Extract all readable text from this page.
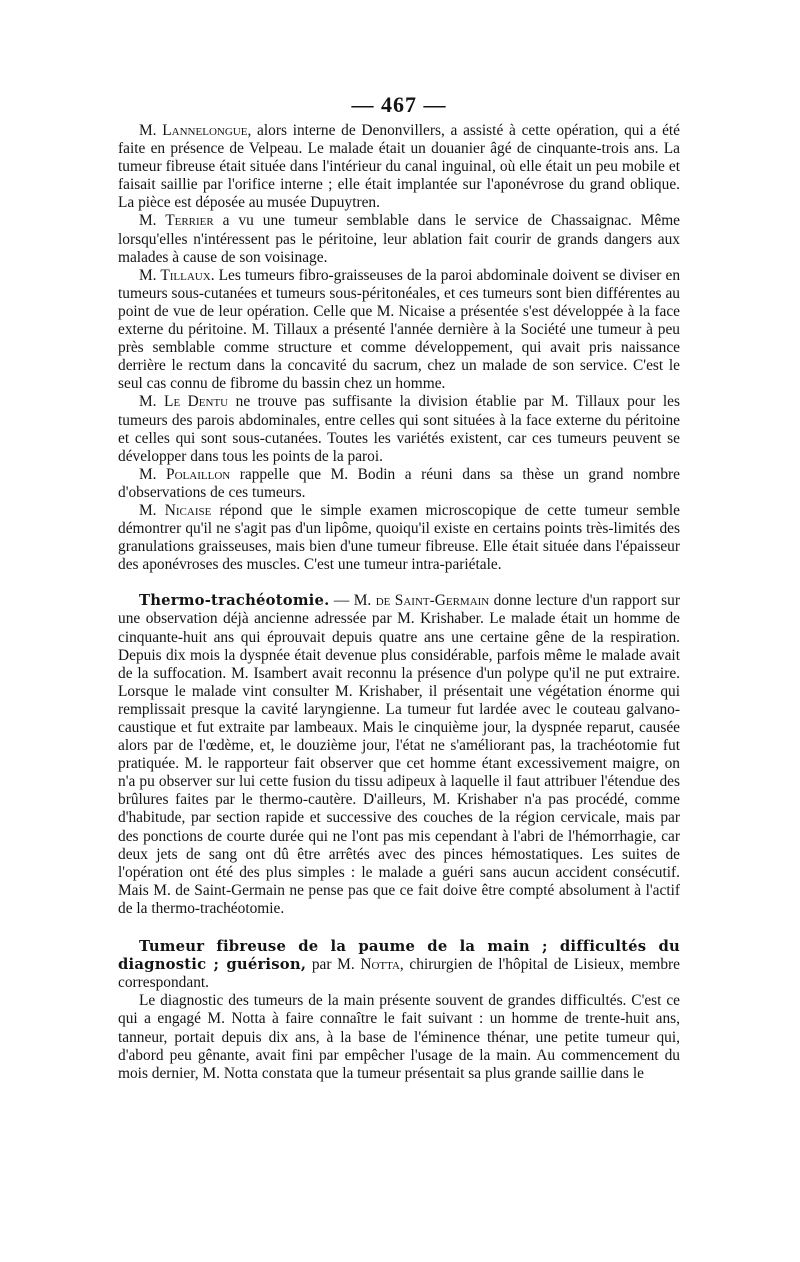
— 467 —

M. Lannelongue, alors interne de Denonvillers, a assisté à cette opération, qui a été faite en présence de Velpeau. Le malade était un douanier âgé de cinquante-trois ans. La tumeur fibreuse était située dans l'intérieur du canal inguinal, où elle était un peu mobile et faisait saillie par l'orifice interne ; elle était implantée sur l'aponévrose du grand oblique. La pièce est déposée au musée Dupuytren.

M. Terrier a vu une tumeur semblable dans le service de Chassaignac. Même lorsqu'elles n'intéressent pas le péritoine, leur ablation fait courir de grands dangers aux malades à cause de son voisinage.

M. Tillaux. Les tumeurs fibro-graisseuses de la paroi abdominale doivent se diviser en tumeurs sous-cutanées et tumeurs sous-péritonéales, et ces tumeurs sont bien différentes au point de vue de leur opération. Celle que M. Nicaise a présentée s'est développée à la face externe du péritoine. M. Tillaux a présenté l'année dernière à la Société une tumeur à peu près semblable comme structure et comme développement, qui avait pris naissance derrière le rectum dans la concavité du sacrum, chez un malade de son service. C'est le seul cas connu de fibrome du bassin chez un homme.

M. Le Dentu ne trouve pas suffisante la division établie par M. Tillaux pour les tumeurs des parois abdominales, entre celles qui sont situées à la face externe du péritoine et celles qui sont sous-cutanées. Toutes les variétés existent, car ces tumeurs peuvent se développer dans tous les points de la paroi.

M. Polaillon rappelle que M. Bodin a réuni dans sa thèse un grand nombre d'observations de ces tumeurs.

M. Nicaise répond que le simple examen microscopique de cette tumeur semble démontrer qu'il ne s'agit pas d'un lipôme, quoiqu'il existe en certains points très-limités des granulations graisseuses, mais bien d'une tumeur fibreuse. Elle était située dans l'épaisseur des aponévroses des muscles. C'est une tumeur intra-pariétale.

Thermo-trachéotomie. — M. de Saint-Germain donne lecture d'un rapport sur une observation déjà ancienne adressée par M. Krishaber. Le malade était un homme de cinquante-huit ans qui éprouvait depuis quatre ans une certaine gêne de la respiration. Depuis dix mois la dyspnée était devenue plus considérable, parfois même le malade avait de la suffocation. M. Isambert avait reconnu la présence d'un polype qu'il ne put extraire. Lorsque le malade vint consulter M. Krishaber, il présentait une végétation énorme qui remplissait presque la cavité laryngienne. La tumeur fut lardée avec le couteau galvano-caustique et fut extraite par lambeaux. Mais le cinquième jour, la dyspnée reparut, causée alors par de l'œdème, et, le douzième jour, l'état ne s'améliorant pas, la trachéotomie fut pratiquée. M. le rapporteur fait observer que cet homme étant excessivement maigre, on n'a pu observer sur lui cette fusion du tissu adipeux à laquelle il faut attribuer l'étendue des brûlures faites par le thermo-cautère. D'ailleurs, M. Krishaber n'a pas procédé, comme d'habitude, par section rapide et successive des couches de la région cervicale, mais par des ponctions de courte durée qui ne l'ont pas mis cependant à l'abri de l'hémorrhagie, car deux jets de sang ont dû être arrêtés avec des pinces hémostatiques. Les suites de l'opération ont été des plus simples : le malade a guéri sans aucun accident consécutif. Mais M. de Saint-Germain ne pense pas que ce fait doive être compté absolument à l'actif de la thermo-trachéotomie.

Tumeur fibreuse de la paume de la main ; difficultés du diagnostic ; guérison, par M. Notta, chirurgien de l'hôpital de Lisieux, membre correspondant.

Le diagnostic des tumeurs de la main présente souvent de grandes difficultés. C'est ce qui a engagé M. Notta à faire connaître le fait suivant : un homme de trente-huit ans, tanneur, portait depuis dix ans, à la base de l'éminence thénar, une petite tumeur qui, d'abord peu gênante, avait fini par empêcher l'usage de la main. Au commencement du mois dernier, M. Notta constata que la tumeur présentait sa plus grande saillie dans le
